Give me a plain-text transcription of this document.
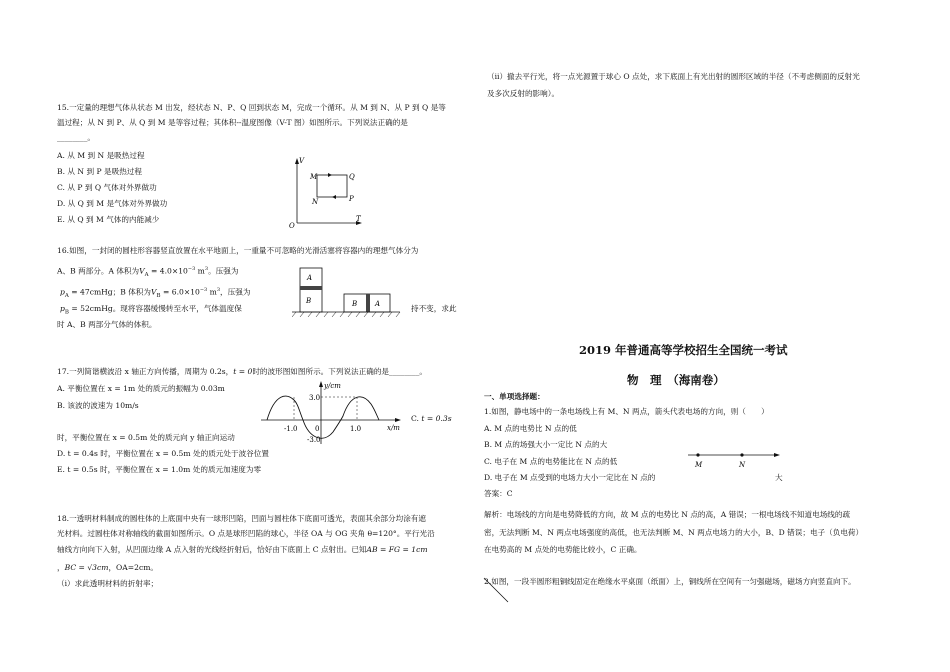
15.一定量的理想气体从状态 M 出发，经状态 N、P、Q 回到状态 M，完成一个循环。从 M 到 N、从 P 到 Q 是等
温过程；从 N 到 P、从 Q 到 M 是等容过程；其体积--温度图像（V-T 图）如图所示。下列说法正确的是
________。
A. 从 M 到 N 是吸热过程
B. 从 N 到 P 是吸热过程
C. 从 P 到 Q 气体对外界做功
D. 从 Q 到 M 是气体对外界做功
E. 从 Q 到 M 气体的内能减少
V
T
O
M	Q
N	P
16.如图，一封闭的圆柱形容器竖直放置在水平地面上，一重量不可忽略的光滑活塞将容器内的理想气体分为
A、B 两部分。A 体积为$V_A = 4.0\times 10^{-3}$ $m^3$。压强为
$p_A$ = 47cmHg；B 体积为$V_B = 6.0\times 10^{-3}$ $m^3$，压强为
$p_B$ = 52cmHg。现将容器缓慢转至水平，气体温度保	持不变，求此
时 A、B 两部分气体的体积。
A
B	B	A
17.一列简谐横波沿 x 轴正方向传播，周期为 0.2s，t = 0时的波形图如图所示。下列说法正确的是________。
A. 平衡位置在 x = 1m 处的质元的振幅为 0.03m
B. 该波的波速为 10m/s
C. t = 0.3s
时，平衡位置在 x = 0.5m 处的质元向 y 轴正向运动
D. t = 0.4s 时，平衡位置在 x = 0.5m 处的质元处于波谷位置
E. t = 0.5s 时，平衡位置在 x = 1.0m 处的质元加速度为零
y/cm
x/m
3.0
-3.0
-1.0	0	1.0
18.一透明材料制成的圆柱体的上底面中央有一球形凹陷，凹面与圆柱体下底面可透光，表面其余部分均涂有遮
光材料。过圆柱体对称轴线的截面如图所示。O 点是球形凹陷的球心，半径 OA 与 OG 夹角 θ=120°。平行光沿
轴线方向向下入射，从凹面边缘 A 点入射的光线经折射后，恰好由下底面上 C 点射出。已知AB = FG = 1cm
，BC = √3cm，OA=2cm。
（i）求此透明材料的折射率；
（ii）撤去平行光，将一点光源置于球心 O 点处，求下底面上有光出射的圆形区域的半径（不考虑侧面的反射光
及多次反射的影响）。
2019 年普通高等学校招生全国统一考试
物　理　（海南卷）
一、单项选择题：
1.如图，静电场中的一条电场线上有 M、N 两点，箭头代表电场的方向，则（　　）
A. M 点的电势比 N 点的低
B. M 点的场强大小一定比 N 点的大
C. 电子在 M 点的电势能比在 N 点的低
D. 电子在 M 点受到的电场力大小一定比在 N 点的	大
M	N
答案：C
解析：电场线的方向是电势降低的方向，故 M 点的电势比 N 点的高，A 错误；一根电场线不知道电场线的疏
密，无法判断 M、N 两点电场强度的高低，也无法判断 M、N 两点电场力的大小，B、D 错误；电子（负电荷）
在电势高的 M 点处的电势能比较小，C 正确。
2.如图，一段半圆形粗铜线固定在绝缘水平桌面（纸面）上，铜线所在空间有一匀强磁场，磁场方向竖直向下。
